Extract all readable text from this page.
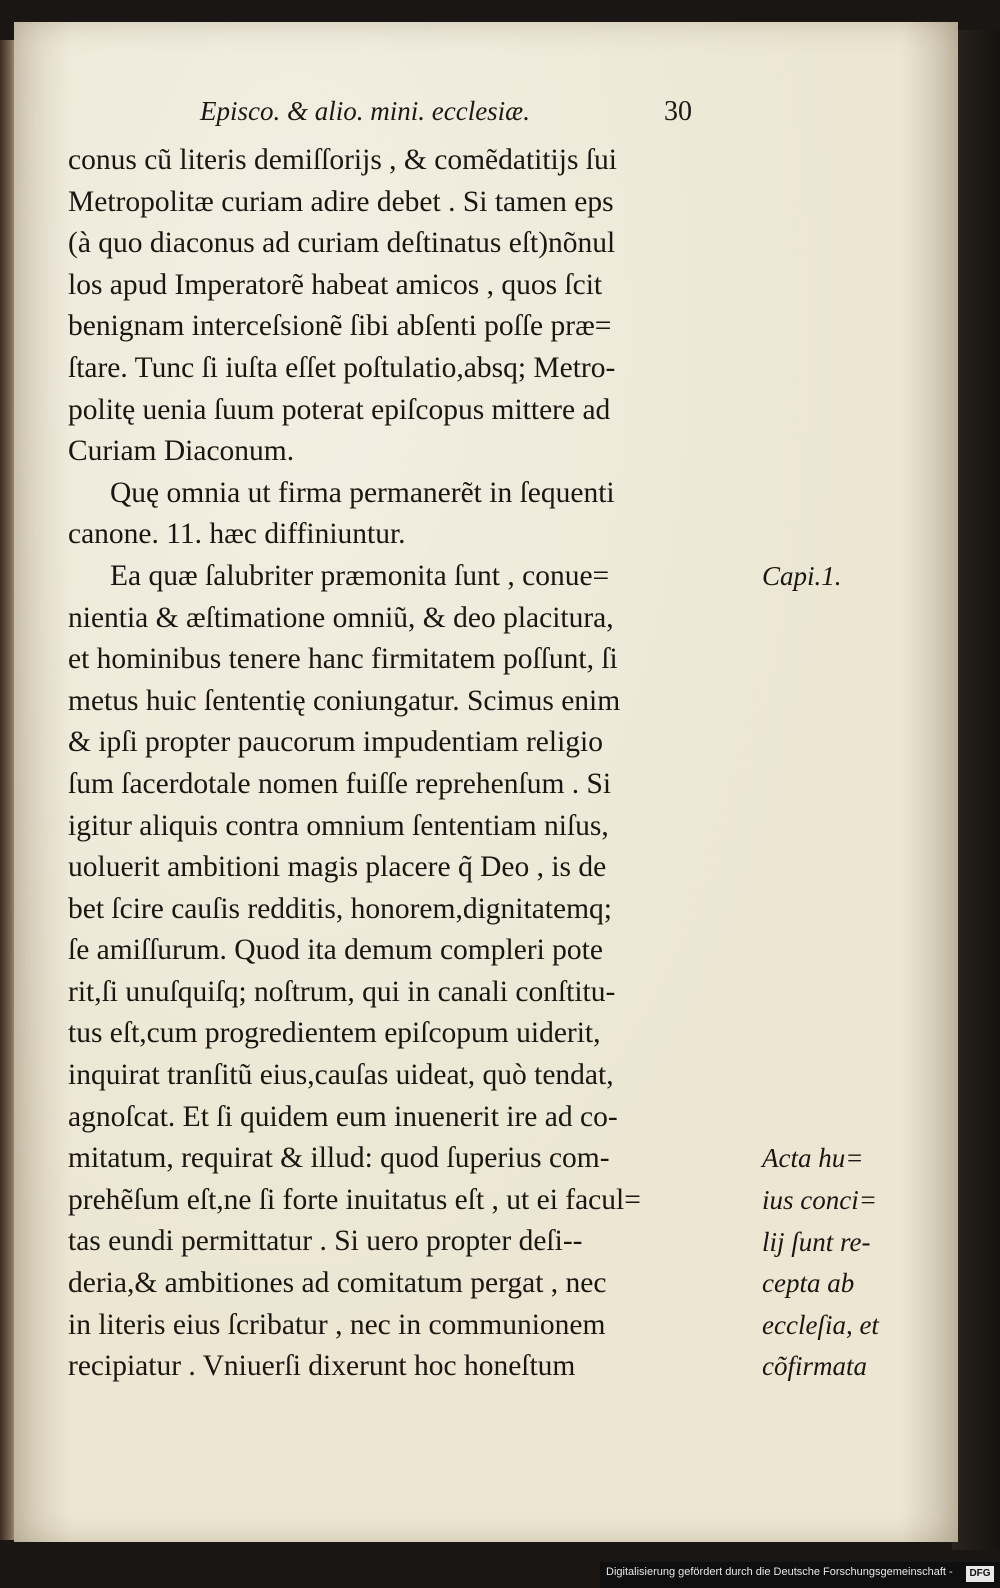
Episco. & alio. mini. ecclesiæ.	30
conus cũ literis demiſſorijs , & comẽdatitijs ſui
Metropolitæ curiam adire debet . Si tamen eps
(à quo diaconus ad curiam deſtinatus eſt)nõnul
los apud Imperatorẽ habeat amicos , quos ſcit
benignam interceſsionẽ ſibi abſenti poſſe præ=
ſtare. Tunc ſi iuſta eſſet poſtulatio,absq; Metro-
politę uenia ſuum poterat epiſcopus mittere ad
Curiam Diaconum.
Quę omnia ut firma permanerẽt in ſequenti
canone. 11. hæc diffiniuntur.
Ea quæ ſalubriter præmonita ſunt , conue=
nientia & æſtimatione omniũ, & deo placitura,
et hominibus tenere hanc firmitatem poſſunt, ſi
metus huic ſententię coniungatur. Scimus enim
& ipſi propter paucorum impudentiam religio
ſum ſacerdotale nomen fuiſſe reprehenſum . Si
igitur aliquis contra omnium ſententiam niſus,
uoluerit ambitioni magis placere q̃ Deo , is de
bet ſcire cauſis redditis, honorem,dignitatemq;
ſe amiſſurum. Quod ita demum compleri pote
rit,ſi unuſquiſq; noſtrum, qui in canali conſtitu-
tus eſt,cum progredientem epiſcopum uiderit,
inquirat tranſitũ eius,cauſas uideat, quò tendat,
agnoſcat. Et ſi quidem eum inuenerit ire ad co-
mitatum, requirat & illud: quod ſuperius com-
prehẽſum eſt,ne ſi forte inuitatus eſt , ut ei facul=
tas eundi permittatur . Si uero propter deſi--
deria,& ambitiones ad comitatum pergat , nec
in literis eius ſcribatur , nec in communionem
recipiatur . Vniuerſi dixerunt hoc honeſtum
Capi.1.
Acta hu=
ius conci=
lij ſunt re-
cepta ab
eccleſia, et
cõfirmata
Digitalisierung gefördert durch die Deutsche Forschungsgemeinschaft -	DFG
